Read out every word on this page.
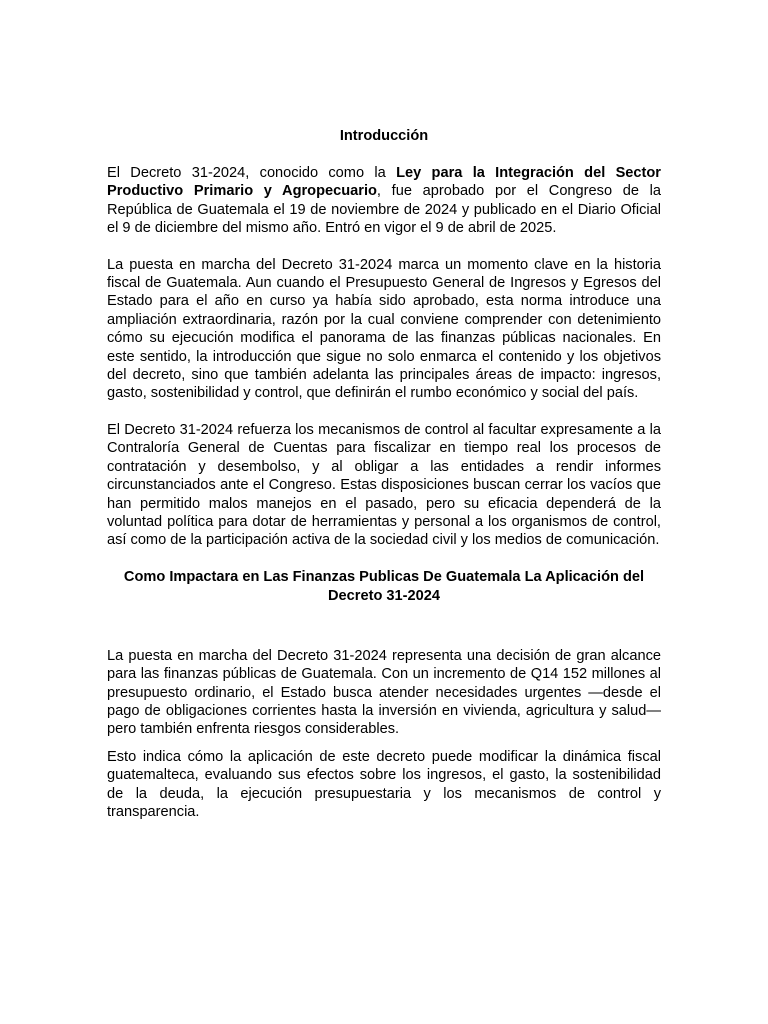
Introducción

El Decreto 31-2024, conocido como la Ley para la Integración del Sector Productivo Primario y Agropecuario, fue aprobado por el Congreso de la República de Guatemala el 19 de noviembre de 2024 y publicado en el Diario Oficial el 9 de diciembre del mismo año. Entró en vigor el 9 de abril de 2025.

La puesta en marcha del Decreto 31-2024 marca un momento clave en la historia fiscal de Guatemala. Aun cuando el Presupuesto General de Ingresos y Egresos del Estado para el año en curso ya había sido aprobado, esta norma introduce una ampliación extraordinaria, razón por la cual conviene comprender con detenimiento cómo su ejecución modifica el panorama de las finanzas públicas nacionales. En este sentido, la introducción que sigue no solo enmarca el contenido y los objetivos del decreto, sino que también adelanta las principales áreas de impacto: ingresos, gasto, sostenibilidad y control, que definirán el rumbo económico y social del país.

El Decreto 31-2024 refuerza los mecanismos de control al facultar expresamente a la Contraloría General de Cuentas para fiscalizar en tiempo real los procesos de contratación y desembolso, y al obligar a las entidades a rendir informes circunstanciados ante el Congreso. Estas disposiciones buscan cerrar los vacíos que han permitido malos manejos en el pasado, pero su eficacia dependerá de la voluntad política para dotar de herramientas y personal a los organismos de control, así como de la participación activa de la sociedad civil y los medios de comunicación.

Como Impactara en Las Finanzas Publicas De Guatemala La Aplicación del Decreto 31-2024

La puesta en marcha del Decreto 31-2024 representa una decisión de gran alcance para las finanzas públicas de Guatemala. Con un incremento de Q14 152 millones al presupuesto ordinario, el Estado busca atender necesidades urgentes —desde el pago de obligaciones corrientes hasta la inversión en vivienda, agricultura y salud— pero también enfrenta riesgos considerables.

Esto indica cómo la aplicación de este decreto puede modificar la dinámica fiscal guatemalteca, evaluando sus efectos sobre los ingresos, el gasto, la sostenibilidad de la deuda, la ejecución presupuestaria y los mecanismos de control y transparencia.
